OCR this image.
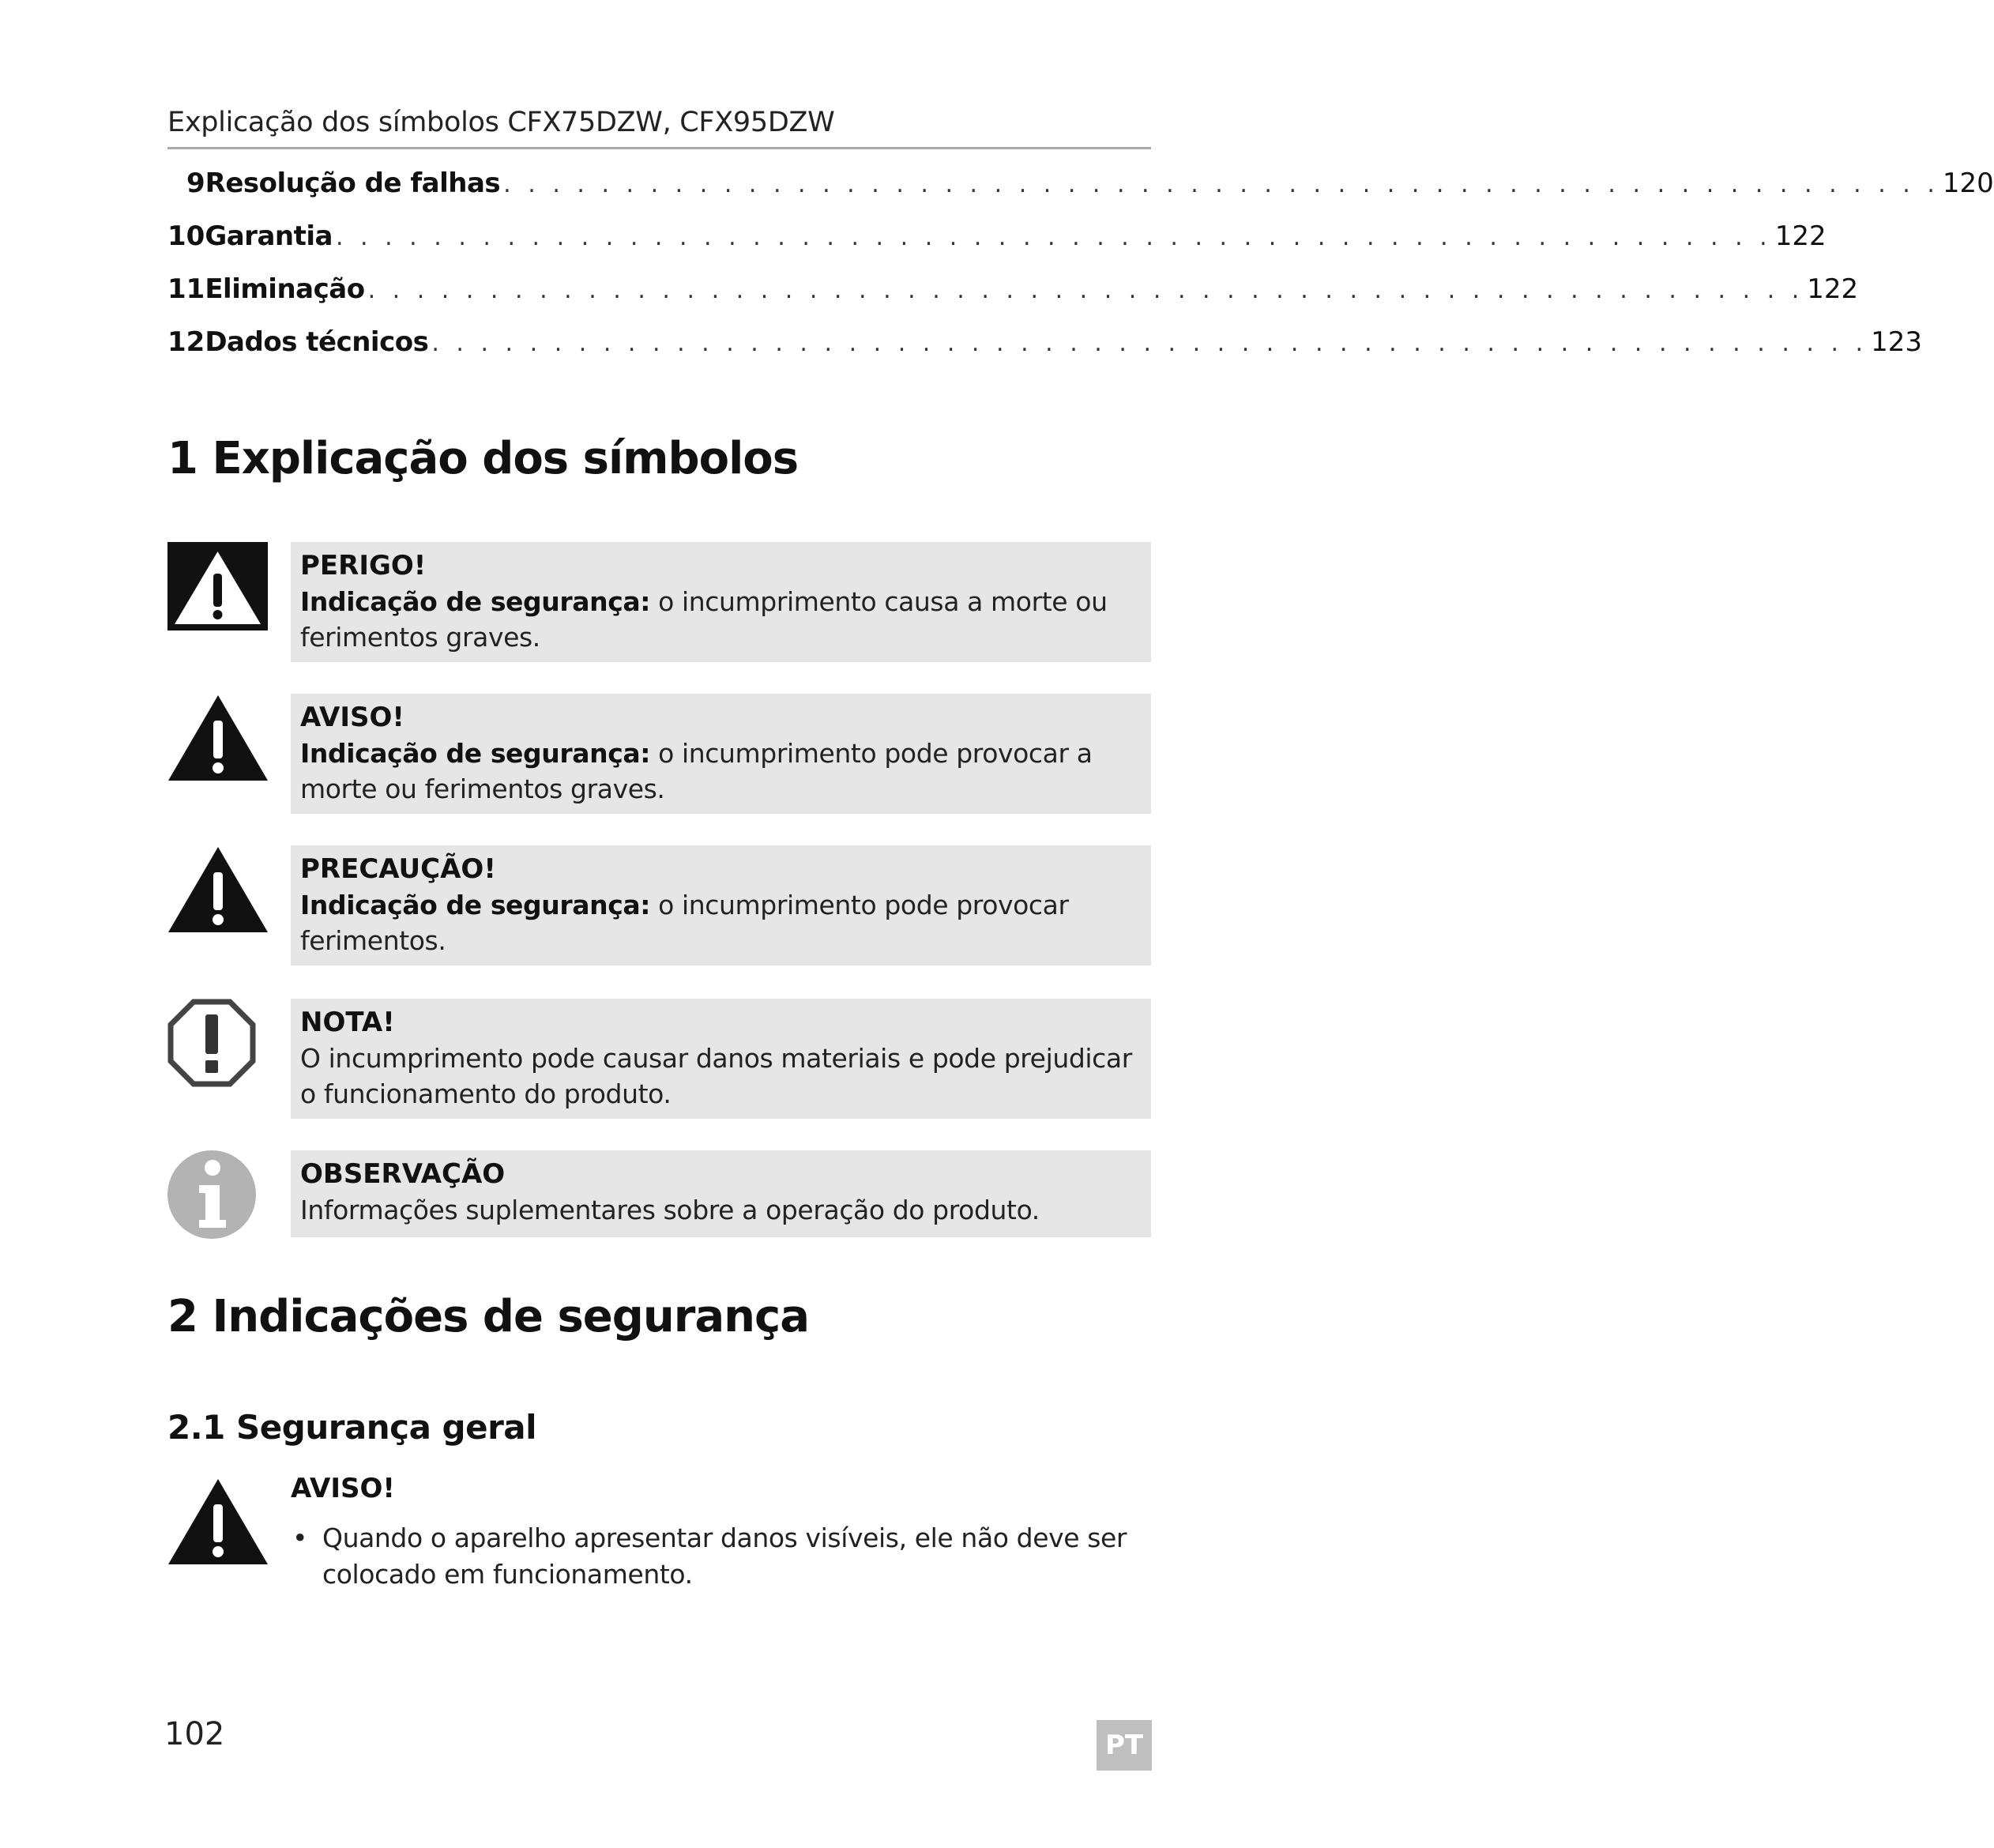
Explicação dos símbolos CFX75DZW, CFX95DZW
9 Resolução de falhas . . . . . . . . . . . . . . . . . . . . . . . . . . . . . . . . . . . . . . . . . . . . . . . . . . . . . . . . . . . 120
10 Garantia . . . . . . . . . . . . . . . . . . . . . . . . . . . . . . . . . . . . . . . . . . . . . . . . . . . . . . . . . . . 122
11 Eliminação . . . . . . . . . . . . . . . . . . . . . . . . . . . . . . . . . . . . . . . . . . . . . . . . . . . . . . . . . . . 122
12 Dados técnicos . . . . . . . . . . . . . . . . . . . . . . . . . . . . . . . . . . . . . . . . . . . . . . . . . . . . . . . . . . . 123
1 Explicação dos símbolos
PERIGO!
Indicação de segurança: o incumprimento causa a morte ou ferimentos graves.
AVISO!
Indicação de segurança: o incumprimento pode provocar a morte ou ferimentos graves.
PRECAUÇÃO!
Indicação de segurança: o incumprimento pode provocar ferimentos.
NOTA!
O incumprimento pode causar danos materiais e pode prejudicar o funcionamento do produto.
OBSERVAÇÃO
Informações suplementares sobre a operação do produto.
2 Indicações de segurança
2.1 Segurança geral
AVISO!
• Quando o aparelho apresentar danos visíveis, ele não deve ser colocado em funcionamento.
102	PT
